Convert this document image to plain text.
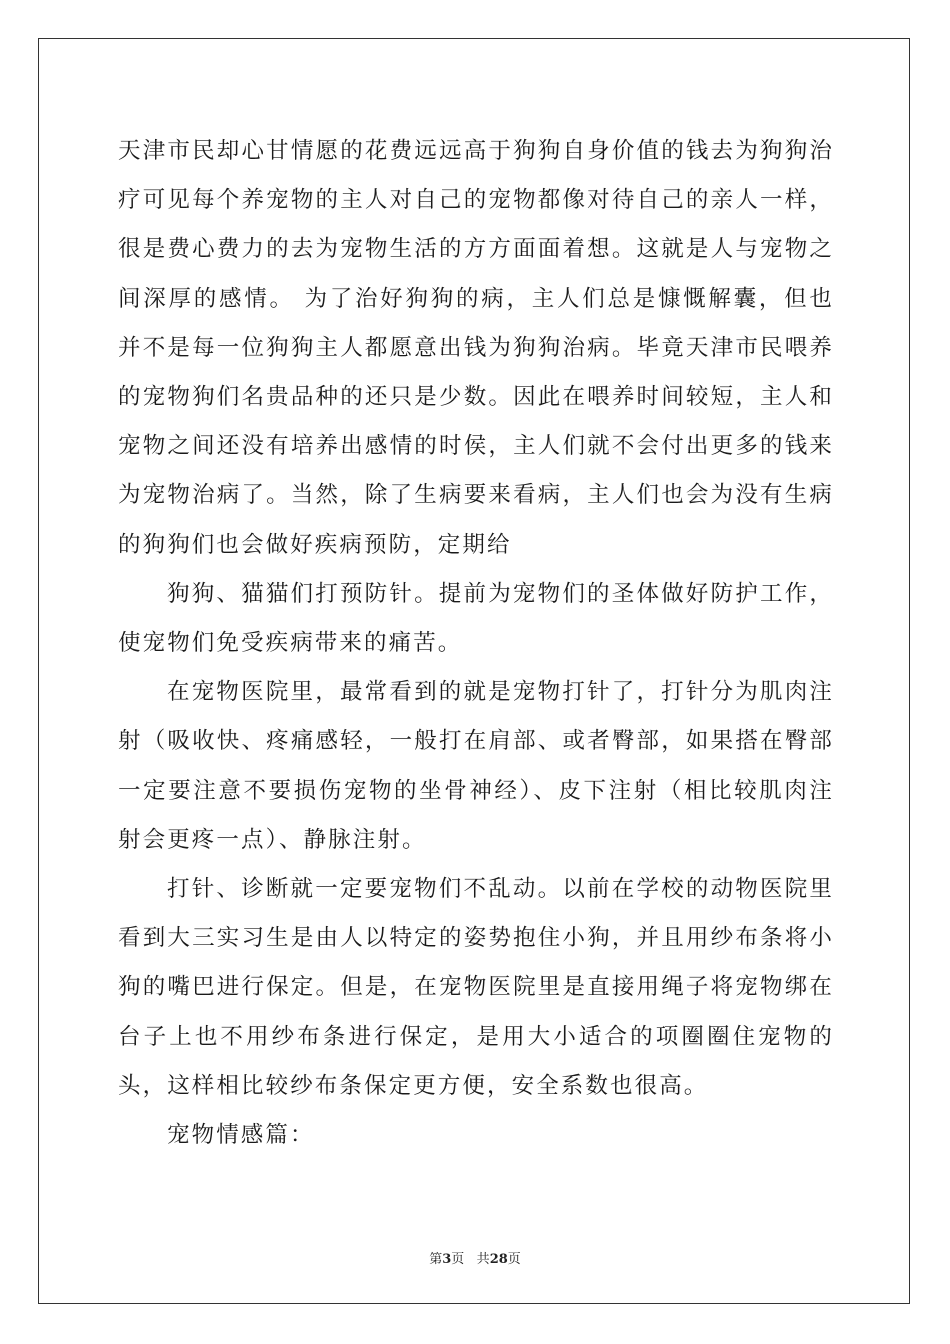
天津市民却心甘情愿的花费远远高于狗狗自身价值的钱去为狗狗治疗可见每个养宠物的主人对自己的宠物都像对待自己的亲人一样，很是费心费力的去为宠物生活的方方面面着想。这就是人与宠物之间深厚的感情。 为了治好狗狗的病，主人们总是慷慨解囊，但也并不是每一位狗狗主人都愿意出钱为狗狗治病。毕竟天津市民喂养的宠物狗们名贵品种的还只是少数。因此在喂养时间较短，主人和宠物之间还没有培养出感情的时侯，主人们就不会付出更多的钱来为宠物治病了。当然，除了生病要来看病，主人们也会为没有生病的狗狗们也会做好疾病预防，定期给

狗狗、猫猫们打预防针。提前为宠物们的圣体做好防护工作，使宠物们免受疾病带来的痛苦。

在宠物医院里，最常看到的就是宠物打针了，打针分为肌肉注射（吸收快、疼痛感轻，一般打在肩部、或者臀部，如果搭在臀部一定要注意不要损伤宠物的坐骨神经）、皮下注射（相比较肌肉注射会更疼一点）、静脉注射。

打针、诊断就一定要宠物们不乱动。以前在学校的动物医院里看到大三实习生是由人以特定的姿势抱住小狗，并且用纱布条将小狗的嘴巴进行保定。但是，在宠物医院里是直接用绳子将宠物绑在台子上也不用纱布条进行保定，是用大小适合的项圈圈住宠物的头，这样相比较纱布条保定更方便，安全系数也很高。

宠物情感篇：

第3页 共28页
